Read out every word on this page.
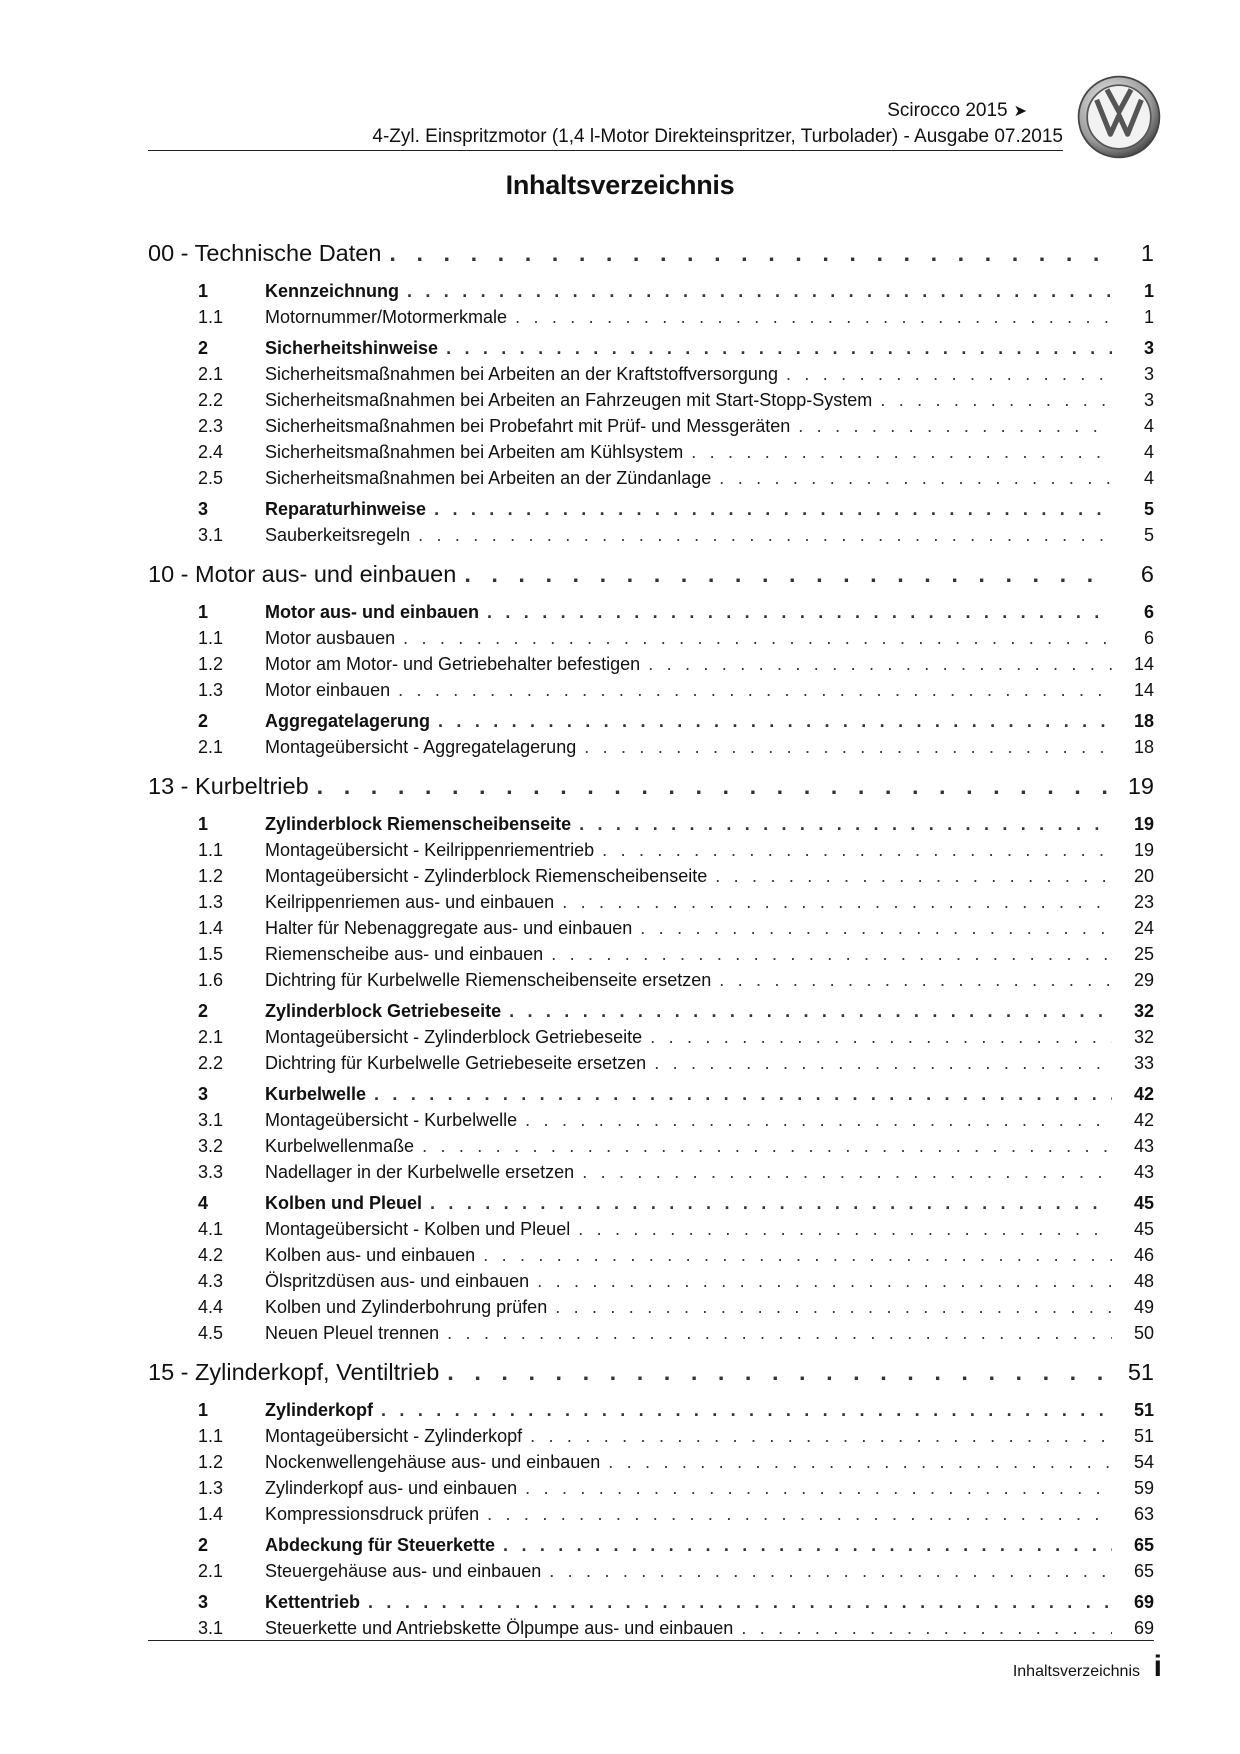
Scirocco 2015 ➤
4-Zyl. Einspritzmotor (1,4 l-Motor Direkteinspritzer, Turbolader) - Ausgabe 07.2015
Inhaltsverzeichnis
00 - Technische Daten . . .	1
1	Kennzeichnung . . .	1
1.1 Motornummer/Motormerkmale . . .	1
2	Sicherheitshinweise . . .	3
2.1 Sicherheitsmaßnahmen bei Arbeiten an der Kraftstoffversorgung . . .	3
2.2 Sicherheitsmaßnahmen bei Arbeiten an Fahrzeugen mit Start-Stopp-System . . .	3
2.3 Sicherheitsmaßnahmen bei Probefahrt mit Prüf- und Messgeräten . . .	4
2.4 Sicherheitsmaßnahmen bei Arbeiten am Kühlsystem . . .	4
2.5 Sicherheitsmaßnahmen bei Arbeiten an der Zündanlage . . .	4
3	Reparaturhinweise . . .	5
3.1 Sauberkeitsregeln . . .	5
10 - Motor aus- und einbauen . . .	6
1	Motor aus- und einbauen . . .	6
1.1 Motor ausbauen . . .	6
1.2 Motor am Motor- und Getriebehalter befestigen . . .	14
1.3 Motor einbauen . . .	14
2	Aggregatelagerung . . .	18
2.1 Montageübersicht - Aggregatelagerung . . .	18
13 - Kurbeltrieb . . .	19
1	Zylinderblock Riemenscheibenseite . . .	19
1.1 Montageübersicht - Keilrippenriementrieb . . .	19
1.2 Montageübersicht - Zylinderblock Riemenscheibenseite . . .	20
1.3 Keilrippenriemen aus- und einbauen . . .	23
1.4 Halter für Nebenaggregate aus- und einbauen . . .	24
1.5 Riemenscheibe aus- und einbauen . . .	25
1.6 Dichtring für Kurbelwelle Riemenscheibenseite ersetzen . . .	29
2	Zylinderblock Getriebeseite . . .	32
2.1 Montageübersicht - Zylinderblock Getriebeseite . . .	32
2.2 Dichtring für Kurbelwelle Getriebeseite ersetzen . . .	33
3	Kurbelwelle . . .	42
3.1 Montageübersicht - Kurbelwelle . . .	42
3.2 Kurbelwellenmaße . . .	43
3.3 Nadellager in der Kurbelwelle ersetzen . . .	43
4	Kolben und Pleuel . . .	45
4.1 Montageübersicht - Kolben und Pleuel . . .	45
4.2 Kolben aus- und einbauen . . .	46
4.3 Ölspritzdüsen aus- und einbauen . . .	48
4.4 Kolben und Zylinderbohrung prüfen . . .	49
4.5 Neuen Pleuel trennen . . .	50
15 - Zylinderkopf, Ventiltrieb . . .	51
1	Zylinderkopf . . .	51
1.1 Montageübersicht - Zylinderkopf . . .	51
1.2 Nockenwellengehäuse aus- und einbauen . . .	54
1.3 Zylinderkopf aus- und einbauen . . .	59
1.4 Kompressionsdruck prüfen . . .	63
2	Abdeckung für Steuerkette . . .	65
2.1 Steuergehäuse aus- und einbauen . . .	65
3	Kettentrieb . . .	69
3.1 Steuerkette und Antriebskette Ölpumpe aus- und einbauen . . .	69
Inhaltsverzeichnis i
